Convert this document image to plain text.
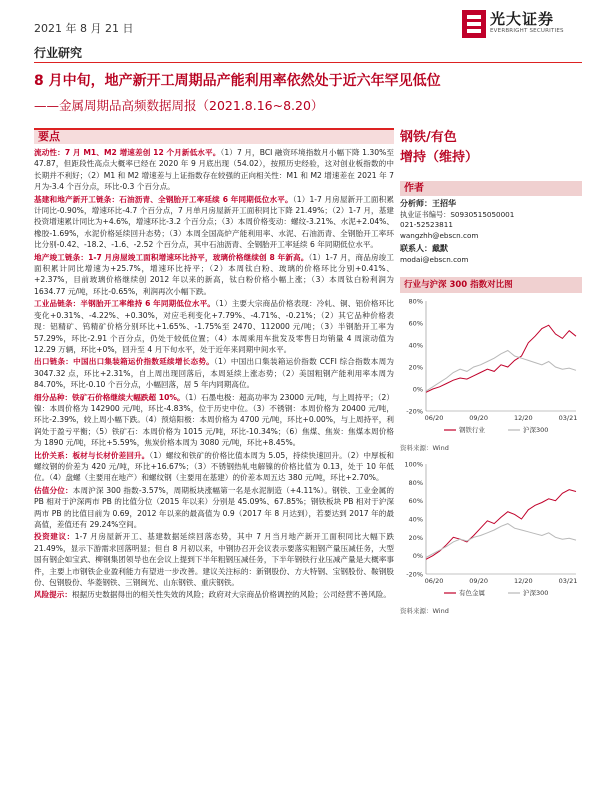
2021 年 8 月 21 日
光大证券
EVERBRIGHT SECURITIES
行业研究
8 月中旬，地产新开工周期品产能利用率依然处于近六年罕见低位
——金属周期品高频数据周报（2021.8.16~8.20）
要点
流动性：7 月 M1、M2 增速差创 12 个月新低水平。（1）7 月，BCI 融资环境指数月小幅下降 1.30%至 47.87，但距段性高点大概率已经在 2020 年 9 月底出现（54.02），按照历史经验，这对创业板指数的中长期并不利好；（2）M1 和 M2 增速差与上证指数存在较强的正向相关性：M1 和 M2 增速差在 2021 年 7 月为-3.4 个百分点，环比-0.3 个百分点。
基建和地产新开工链条：石油沥青、全钢胎开工率延续 6 年同期低位水平。（1）1-7 月房屋新开工面积累计同比-0.90%，增速环比-4.7 个百分点，7 月单月房屋新开工面积同比下降 21.49%；（2）1-7 月，基建投资增速累计同比为+4.6%，增速环比-3.2 个百分点；（3）本周价格变动：螺纹-3.21%、水泥+2.04%、橡胶-1.69%，水泥价格延续回升态势；（3）本周全国高炉产能利用率、水泥、石油沥青、全钢胎开工率环比分别-0.42、-18.2、-1.6、-2.52 个百分点，其中石油沥青、全钢胎开工率延续 6 年同期低位水平。
地产竣工链条：1-7 月房屋竣工面积增速环比持平，玻璃价格继续创 8 年新高。（1）1-7 月，商品房竣工面积累计同比增速为+25.7%，增速环比持平；（2）本周钛白粉、玻璃的价格环比分别+0.41%、+2.37%，目前玻璃价格继续创 2012 年以来的新高，钛白粉价格小幅上涨；（3）本周钛白粉利润为 1634.77 元/吨，环比-0.65%，利润再次小幅下跌。
工业品链条：半钢胎开工率维持 6 年同期低位水平。（1）主要大宗商品价格表现：冷轧、铜、铝价格环比变化+0.31%、-4.22%、+0.30%，对应毛利变化+7.79%、-4.71%、-0.21%；（2）其它品种价格表现：铝精矿、钨精矿价格分别环比+1.65%、-1.75%至 2470、112000 元/吨；（3）半钢胎开工率为 57.29%，环比-2.91 个百分点，仍处于较低位置；（4）本周乘用车批发及零售日均销量 4 周滚动值为 12.29 万辆，环比+0%，回升至 4 月下旬水平，处于近年来同期中间水平。
出口链条：中国出口集装箱运价指数延续增长态势。（1）中国出口集装箱运价指数 CCFI 综合指数本周为 3047.32 点，环比+2.31%，自上周出现回落后，本周延续上涨态势；（2）美国粗钢产能利用率本周为 84.70%，环比-0.10 个百分点，小幅回落，居 5 年内同期高位。
细分品种：铁矿石价格继续大幅跌超 10%。（1）石墨电极：超高功率为 23000 元/吨，与上周持平；（2）镍：本周价格为 142900 元/吨，环比-4.83%，位于历史中位。（3）不锈钢：本周价格为 20400 元/吨，环比-2.39%，较上周小幅下跌。（4）预焙阳极：本周价格为 4700 元/吨，环比+0.00%，与上周持平，利润处于盈亏平衡；（5）铁矿石：本周价格为 1015 元/吨，环比-10.34%；（6）焦煤、焦炭：焦煤本周价格为 1890 元/吨，环比+5.59%，焦炭价格本周为 3080 元/吨，环比+8.45%。
比价关系：板材与长材价差回升。（1）螺纹和铁矿的价格比值本周为 5.05，持续快速回升。（2）中厚板和螺纹钢的价差为 420 元/吨，环比+16.67%；（3）不锈钢热轧电解镍的价格比值为 0.13，处于 10 年低位。（4）盘螺（主要用在地产）和螺纹钢（主要用在基建）的价差本周五达 380 元/吨，环比+2.70%。
估值分位：本周沪深 300 指数-3.57%，周期板块涨幅第一名是水泥制造（+4.11%）。钢铁、工业金属的 PB 相对于沪深两市 PB 的比值分位（2015 年以来）分别是 45.09%、67.85%；钢铁板块 PB 相对于沪深两市 PB 的比值目前为 0.69，2012 年以来的最高值为 0.9（2017 年 8 月达到），若要达到 2017 年的最高值，差值还有 29.24%空间。
投资建议：1-7 月房屋新开工、基建数据延续回落态势，其中 7 月当月地产新开工面积同比大幅下跌 21.49%，显示下游需求回落明显；但自 8 月初以来，中钢协召开会议表示要落实粗钢产量压减任务，大型国有钢企如宝武、柳钢集团领导也在会议上提到下半年粗钢压减任务，下半年钢铁行业压减产量是大概率事件，主要上市钢铁企业盈利能力有望进一步改善。建议关注标的：新钢股份、方大特钢、宝钢股份、鞍钢股份、包钢股份、华菱钢铁、三钢闽光、山东钢铁、重庆钢铁。
风险提示：根据历史数据得出的相关性失效的风险；政府对大宗商品价格调控的风险；公司经营不善风险。
钢铁/有色
增持（维持）
作者
分析师：王招华
执业证书编号：S0930515050001
021-52523811
wangzhh@ebscn.com
联系人：戴默
modai@ebscn.com
行业与沪深 300 指数对比图
-20%
0%
20%
40%
60%
80%
06/20	09/20	12/20	03/21
钢铁行业	沪深300
资料来源：Wind
-20%
0%
20%
40%
60%
80%
100%
06/20	09/20	12/20	03/21
有色金属	沪深300
资料来源：Wind
